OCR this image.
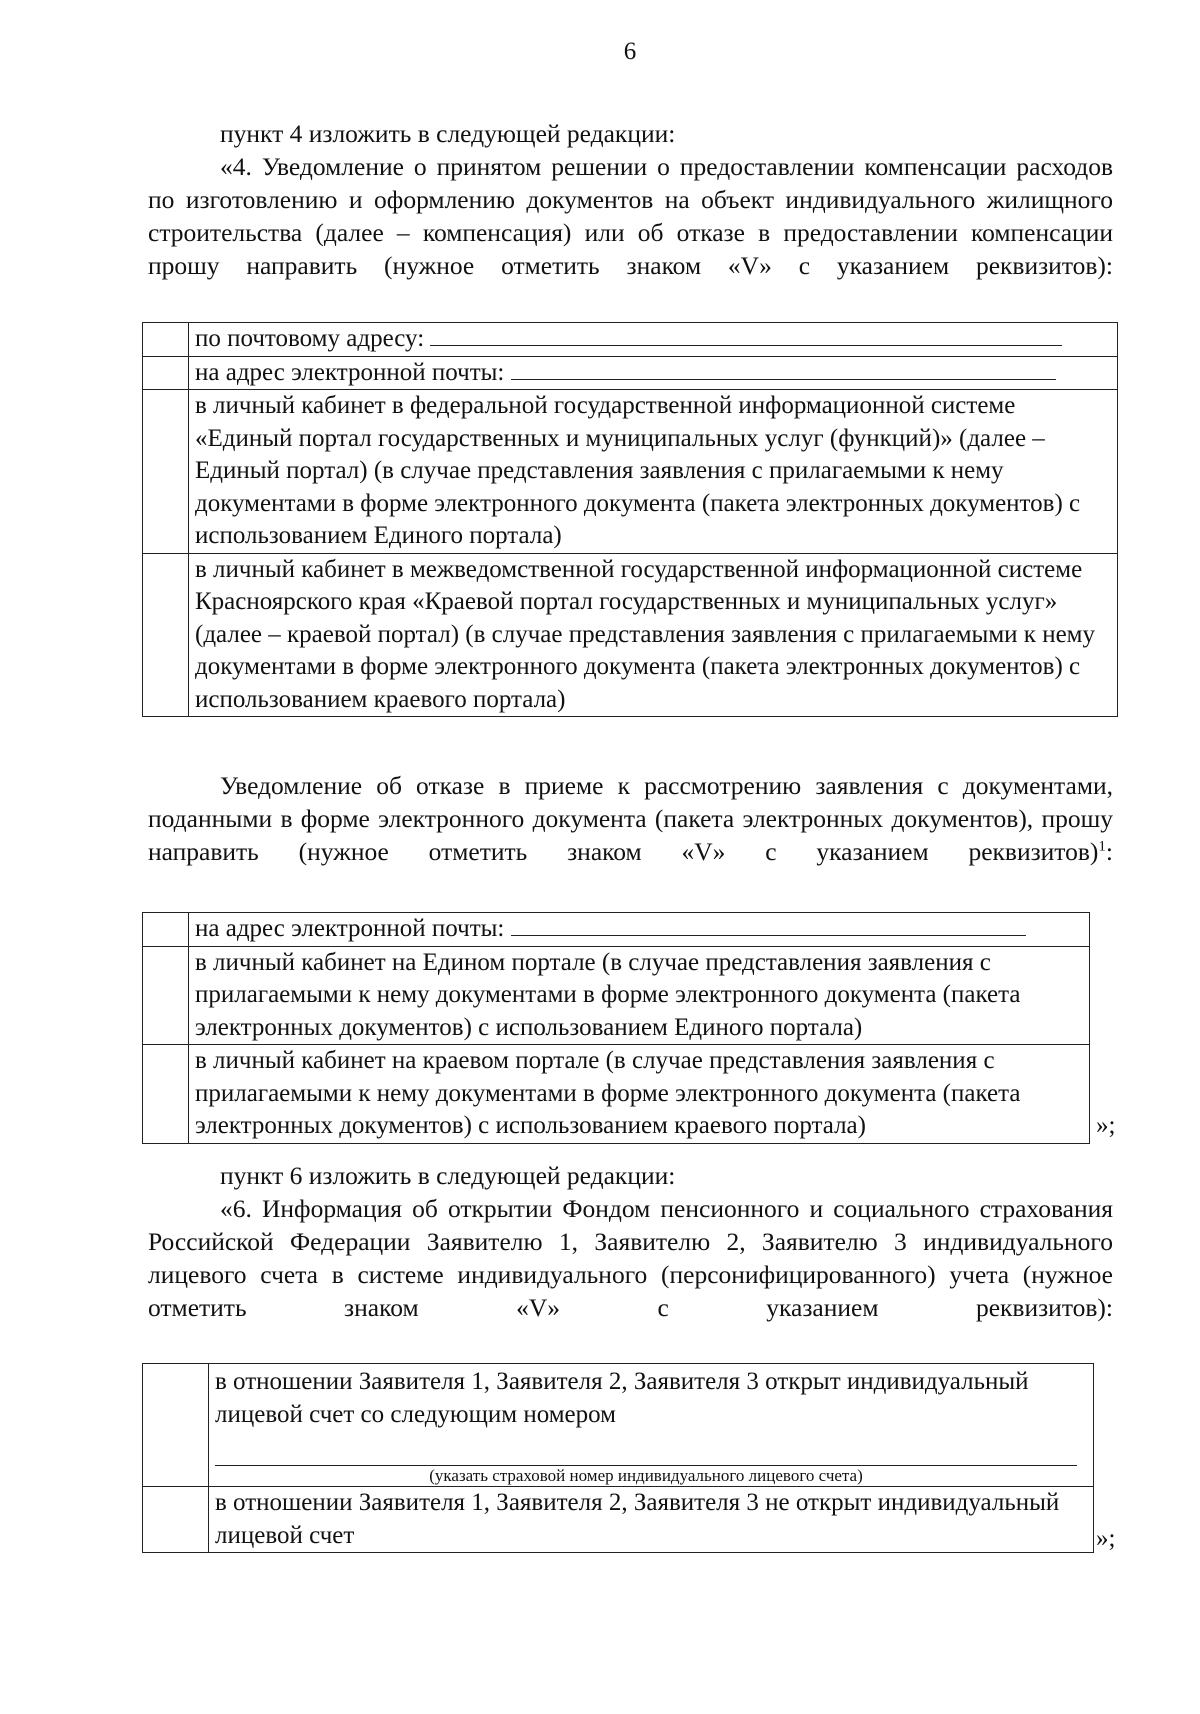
6

пункт 4 изложить в следующей редакции:

«4. Уведомление о принятом решении о предоставлении компенсации расходов по изготовлению и оформлению документов на объект индивидуального жилищного строительства (далее – компенсация) или об отказе в предоставлении компенсации прошу направить (нужное отметить знаком «V» с указанием реквизитов):

по почтовому адресу:
на адрес электронной почты:
в личный кабинет в федеральной государственной информационной системе «Единый портал государственных и муниципальных услуг (функций)» (далее – Единый портал) (в случае представления заявления с прилагаемыми к нему документами в форме электронного документа (пакета электронных документов) с использованием Единого портала)
в личный кабинет в межведомственной государственной информационной системе Красноярского края «Краевой портал государственных и муниципальных услуг» (далее – краевой портал) (в случае представления заявления с прилагаемыми к нему документами в форме электронного документа (пакета электронных документов) с использованием краевого портала)

Уведомление об отказе в приеме к рассмотрению заявления с документами, поданными в форме электронного документа (пакета электронных документов), прошу направить (нужное отметить знаком «V» с указанием реквизитов)$^1$:

на адрес электронной почты:
в личный кабинет на Едином портале (в случае представления заявления с прилагаемыми к нему документами в форме электронного документа (пакета электронных документов) с использованием Единого портала)
в личный кабинет на краевом портале (в случае представления заявления с прилагаемыми к нему документами в форме электронного документа (пакета электронных документов) с использованием краевого портала)	»;

пункт 6 изложить в следующей редакции:

«6. Информация об открытии Фондом пенсионного и социального страхования Российской Федерации Заявителю 1, Заявителю 2, Заявителю 3 индивидуального лицевого счета в системе индивидуального (персонифицированного) учета (нужное отметить знаком «V» с указанием реквизитов):

в отношении Заявителя 1, Заявителя 2, Заявителя 3 открыт индивидуальный лицевой счет со следующим номером
(указать страховой номер индивидуального лицевого счета)
в отношении Заявителя 1, Заявителя 2, Заявителя 3 не открыт индивидуальный лицевой счет	»;
